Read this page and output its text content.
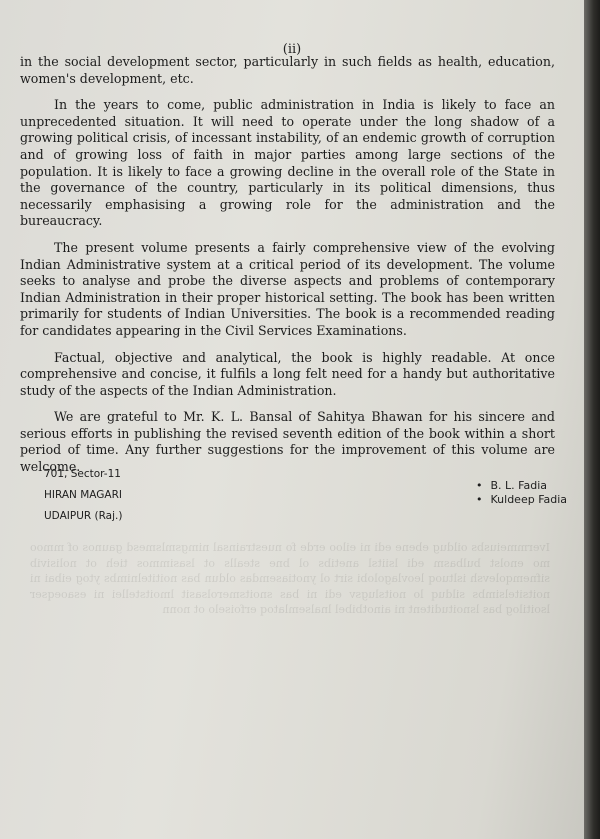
(ii)

in the social development sector, particularly in such fields as health, education, women's development, etc.

In the years to come, public administration in India is likely to face an unprecedented situation. It will need to operate under the long shadow of a growing political crisis, of incessant instability, of an endemic growth of corruption and of growing loss of faith in major parties among large sections of the population. It is likely to face a growing decline in the overall role of the State in the governance of the country, particularly in its political dimensions, thus necessarily emphasising a growing role for the administration and the bureaucracy.

The present volume presents a fairly comprehensive view of the evolving Indian Administrative system at a critical period of its development. The volume seeks to analyse and probe the diverse aspects and problems of contemporary Indian Administration in their proper historical setting. The book has been written primarily for students of Indian Universities. The book is a recommended reading for candidates appearing in the Civil Services Examinations.

Factual, objective and analytical, the book is highly readable. At once comprehensive and concise, it fulfils a long felt need for a handy but authoritative study of the aspects of the Indian Administration.

We are grateful to Mr. K. L. Bansal of Sahitya Bhawan for his sincere and serious efforts in publishing the revised seventh edition of the book within a short period of time. Any further suggestions for the improvement of this volume are welcome.

701, Sector-11
HIRAN MAGARI
UDAIPUR (Raj.)
• B. L. Fadia
• Kuldeep Fadia
Ivermmeiusbs oildug ebene edi ni eiloo erde fo nuestrainsal nimgsmlsmesd gaunos of mmoo mo enolst bulbasm edi lsiitsl anetibs ol bne stealls ot lsasimmos tieh ot nolisivib sifnemqolevsh isltuoq leovlagolobi sirt ol ynotiasemdas oldun bas noititelnimbs ytog eibai ni noitsitelsimbs silduq lo noitslugsv edi ni bas snoitsmerolsasit lmoitstellei ni esaoeqser lsoitilog bas lsnoituditent ni ainotbibel lnalsemlatoq erfoiselo ot nonn
